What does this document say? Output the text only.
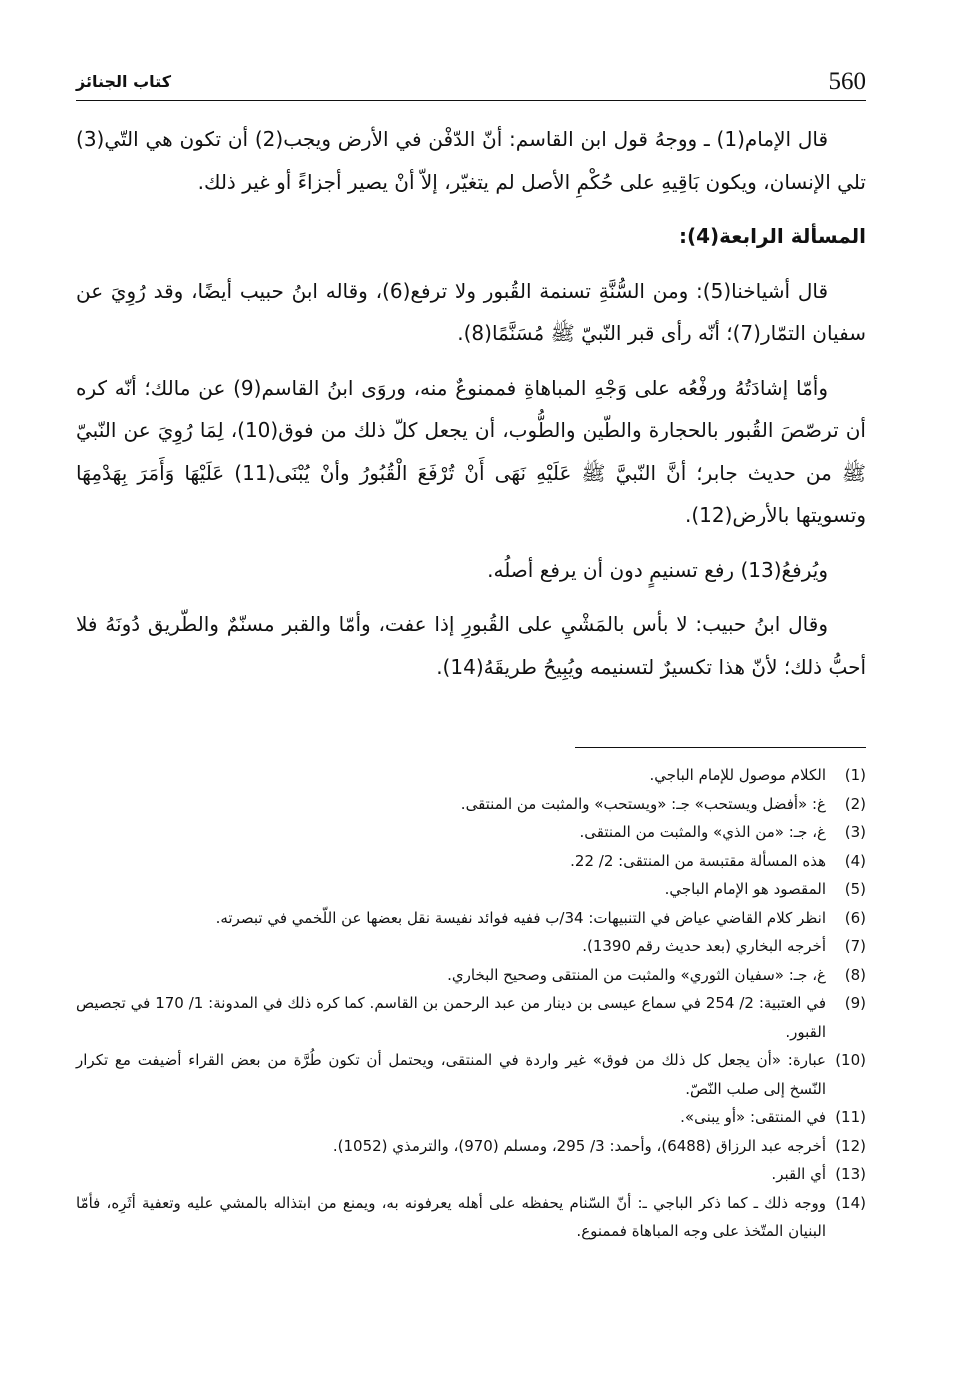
560
كتاب الجنائز

قال الإمام(1) ـ ووجهُ قول ابن القاسم: أنّ الدّفْن في الأرض ويجب(2) أن تكون هي التّي(3) تلي الإنسان، ويكون بَاقِيهِ على حُكْمِ الأصل لم يتغيّر، إلاّ أنْ يصير أجزاءً أو غير ذلك.

المسألة الرابعة(4):

قال أشياخنا(5): ومن السُّنَّةِ تسنمة القُبور ولا ترفع(6)، وقاله ابنُ حبيب أيضًا، وقد رُوِيَ عن سفيان التمّار(7)؛ أنّه رأى قبر النّبيّ ﷺ مُسَنَّمًا(8).

وأمّا إشادَتُهُ ورفْعُه على وَجْهِ المباهاةِ فممنوعٌ منه، وروَى ابنُ القاسم(9) عن مالك؛ أنّه كره أن ترصّصَ القُبور بالحجارة والطّين والطُّوب، أن يجعل كلّ ذلك من فوق(10)، لِمَا رُوِيَ عن النّبيّ ﷺ من حديث جابر؛ أنَّ النّبيَّ ﷺ عَلَيْهِ نَهَى أَنْ تُرْفَعَ الْقُبُورُ وأنْ يُبْنَى(11) عَلَيْهَا وَأَمَرَ بِهَدْمِهَا وتسويتها بالأرض(12).

ويُرفعُ(13) رفع تسنيمٍ دون أن يرفع أصلُه.

وقال ابنُ حبيب: لا بأس بالمَشْيِ على القُبورِ إذا عفت، وأمّا والقبر مسنّمٌ والطّريق دُونَهُ فلا أحبُّ ذلك؛ لأنّ هذا تكسيرٌ لتسنيمه ويُبِيحُ طريقَهُ(14).

(1)
الكلام موصول للإمام الباجي.
(2)
غ: «أفضل ويستحب» جـ: «ويستحب» والمثبت من المنتقى.
(3)
غ، جـ: «من الذي» والمثبت من المنتقى.
(4)
هذه المسألة مقتبسة من المنتقى: 2/ 22.
(5)
المقصود هو الإمام الباجي.
(6)
انظر كلام القاضي عياض في التنبيهات: 34/ب ففيه فوائد نفيسة نقل بعضها عن اللّخمي في تبصرته.
(7)
أخرجه البخاري (بعد حديث رقم 1390).
(8)
غ، جـ: «سفيان الثوري» والمثبت من المنتقى وصحيح البخاري.
(9)
في العتبية: 2/ 254 في سماع عيسى بن دينار من عبد الرحمن بن القاسم. كما كره ذلك في المدونة: 1/ 170 في تجصيص القبور.
(10)
عبارة: «أن يجعل كل ذلك من فوق» غير واردة في المنتقى، ويحتمل أن تكون طُرَّة من بعض القراء أضيفت مع تكرار النّسخ إلى صلب النّصّ.
(11)
في المنتقى: «أو يبنى».
(12)
أخرجه عبد الرزاق (6488)، وأحمد: 3/ 295، ومسلم (970)، والترمذي (1052).
(13)
أي القبر.
(14)
ووجه ذلك ـ كما ذكر الباجي ـ: أنّ السّنام يحفظه على أهله يعرفونه به، ويمنع من ابتذاله بالمشي عليه وتعفية أثَرِه، فأمّا البنيان المتّخذ على وجه المباهاة فممنوع.
